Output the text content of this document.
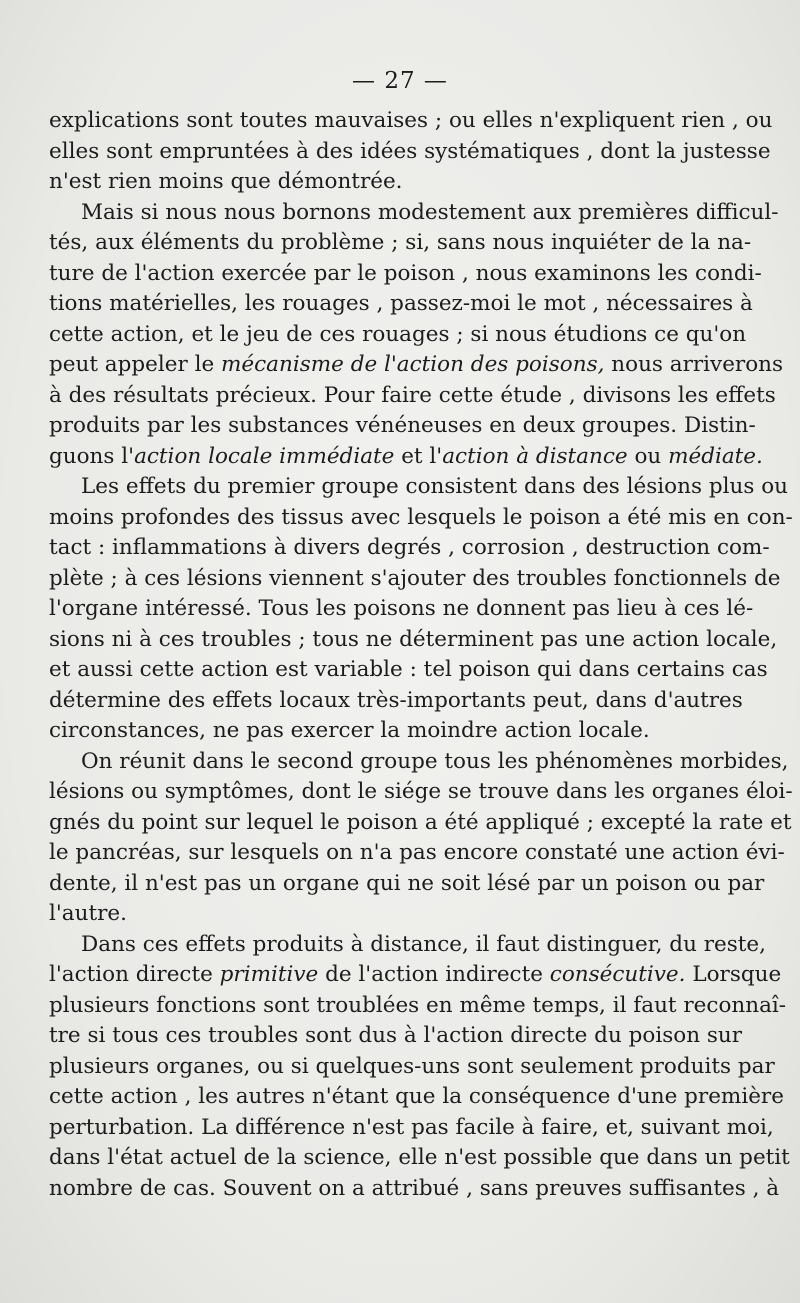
— 27 —

explications sont toutes mauvaises ; ou elles n'expliquent rien , ou
elles sont empruntées à des idées systématiques , dont la justesse
n'est rien moins que démontrée.

Mais si nous nous bornons modestement aux premières difficul-
tés, aux éléments du problème ; si, sans nous inquiéter de la na-
ture de l'action exercée par le poison , nous examinons les condi-
tions matérielles, les rouages , passez-moi le mot , nécessaires à
cette action, et le jeu de ces rouages ; si nous étudions ce qu'on
peut appeler le mécanisme de l'action des poisons, nous arriverons
à des résultats précieux. Pour faire cette étude , divisons les effets
produits par les substances vénéneuses en deux groupes. Distin-
guons l'action locale immédiate et l'action à distance ou médiate.

Les effets du premier groupe consistent dans des lésions plus ou
moins profondes des tissus avec lesquels le poison a été mis en con-
tact : inflammations à divers degrés , corrosion , destruction com-
plète ; à ces lésions viennent s'ajouter des troubles fonctionnels de
l'organe intéressé. Tous les poisons ne donnent pas lieu à ces lé-
sions ni à ces troubles ; tous ne déterminent pas une action locale,
et aussi cette action est variable : tel poison qui dans certains cas
détermine des effets locaux très-importants peut, dans d'autres
circonstances, ne pas exercer la moindre action locale.

On réunit dans le second groupe tous les phénomènes morbides,
lésions ou symptômes, dont le siége se trouve dans les organes éloi-
gnés du point sur lequel le poison a été appliqué ; excepté la rate et
le pancréas, sur lesquels on n'a pas encore constaté une action évi-
dente, il n'est pas un organe qui ne soit lésé par un poison ou par
l'autre.

Dans ces effets produits à distance, il faut distinguer, du reste,
l'action directe primitive de l'action indirecte consécutive. Lorsque
plusieurs fonctions sont troublées en même temps, il faut reconnaî-
tre si tous ces troubles sont dus à l'action directe du poison sur
plusieurs organes, ou si quelques-uns sont seulement produits par
cette action , les autres n'étant que la conséquence d'une première
perturbation. La différence n'est pas facile à faire, et, suivant moi,
dans l'état actuel de la science, elle n'est possible que dans un petit
nombre de cas. Souvent on a attribué , sans preuves suffisantes , à
